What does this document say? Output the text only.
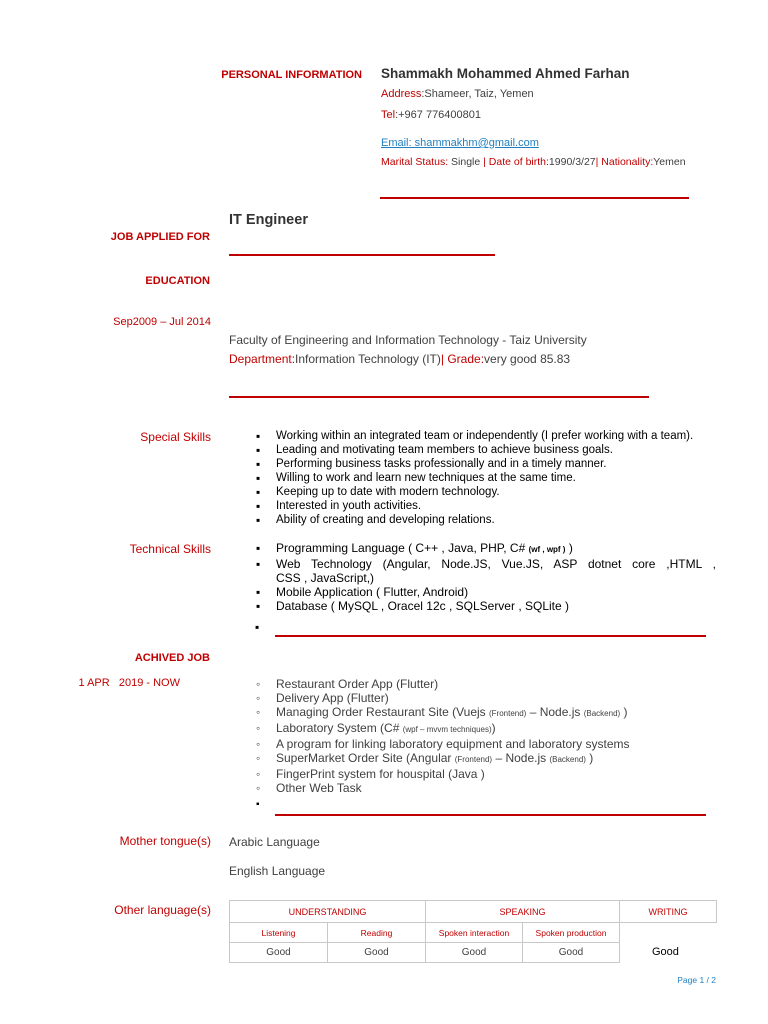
PERSONAL INFORMATION Shammakh Mohammed Ahmed Farhan
Address:Shameer, Taiz, Yemen
Tel:+967 776400801
Email: shammakhm@gmail.com
Marital Status: Single | Date of birth:1990/3/27| Nationality:Yemen
IT Engineer
JOB APPLIED FOR
EDUCATION
Sep2009 – Jul 2014
Faculty of Engineering and Information Technology - Taiz University
Department:Information Technology (IT)| Grade:very good 85.83
Special Skills	▪ Working within an integrated team or independently (I prefer working with a team).
▪ Leading and motivating team members to achieve business goals.
▪ Performing business tasks professionally and in a timely manner.
▪ Willing to work and learn new techniques at the same time.
▪ Keeping up to date with modern technology.
▪ Interested in youth activities.
▪ Ability of creating and developing relations.
Technical Skills	▪ Programming Language ( C++ , Java, PHP, C# (wf , wpf ) )
▪ Web Technology (Angular, Node.JS, Vue.JS, ASP dotnet core ,HTML ,
CSS , JavaScript,)
▪ Mobile Application ( Flutter, Android)
▪ Database ( MySQL , Oracel 12c , SQLServer , SQLite )
▪
ACHIVED JOB
1 APR   2019 - NOW	◦ Restaurant Order App (Flutter)
◦ Delivery App (Flutter)
◦ Managing Order Restaurant Site (Vuejs (Frontend) – Node.js (Backend) )
◦ Laboratory System (C# (wpf – mvvm techniques))
◦ A program for linking laboratory equipment and laboratory systems
◦ SuperMarket Order Site (Angular (Frontend) – Node.js (Backend) )
◦ FingerPrint system for houspital (Java )
◦ Other Web Task
▪
Mother tongue(s) Arabic Language
English Language
Other language(s)	UNDERSTANDING		SPEAKING		WRITING
Listening	Reading	Spoken interaction	Spoken production	
Good	Good	Good	Good		Good
Page 1 / 2
